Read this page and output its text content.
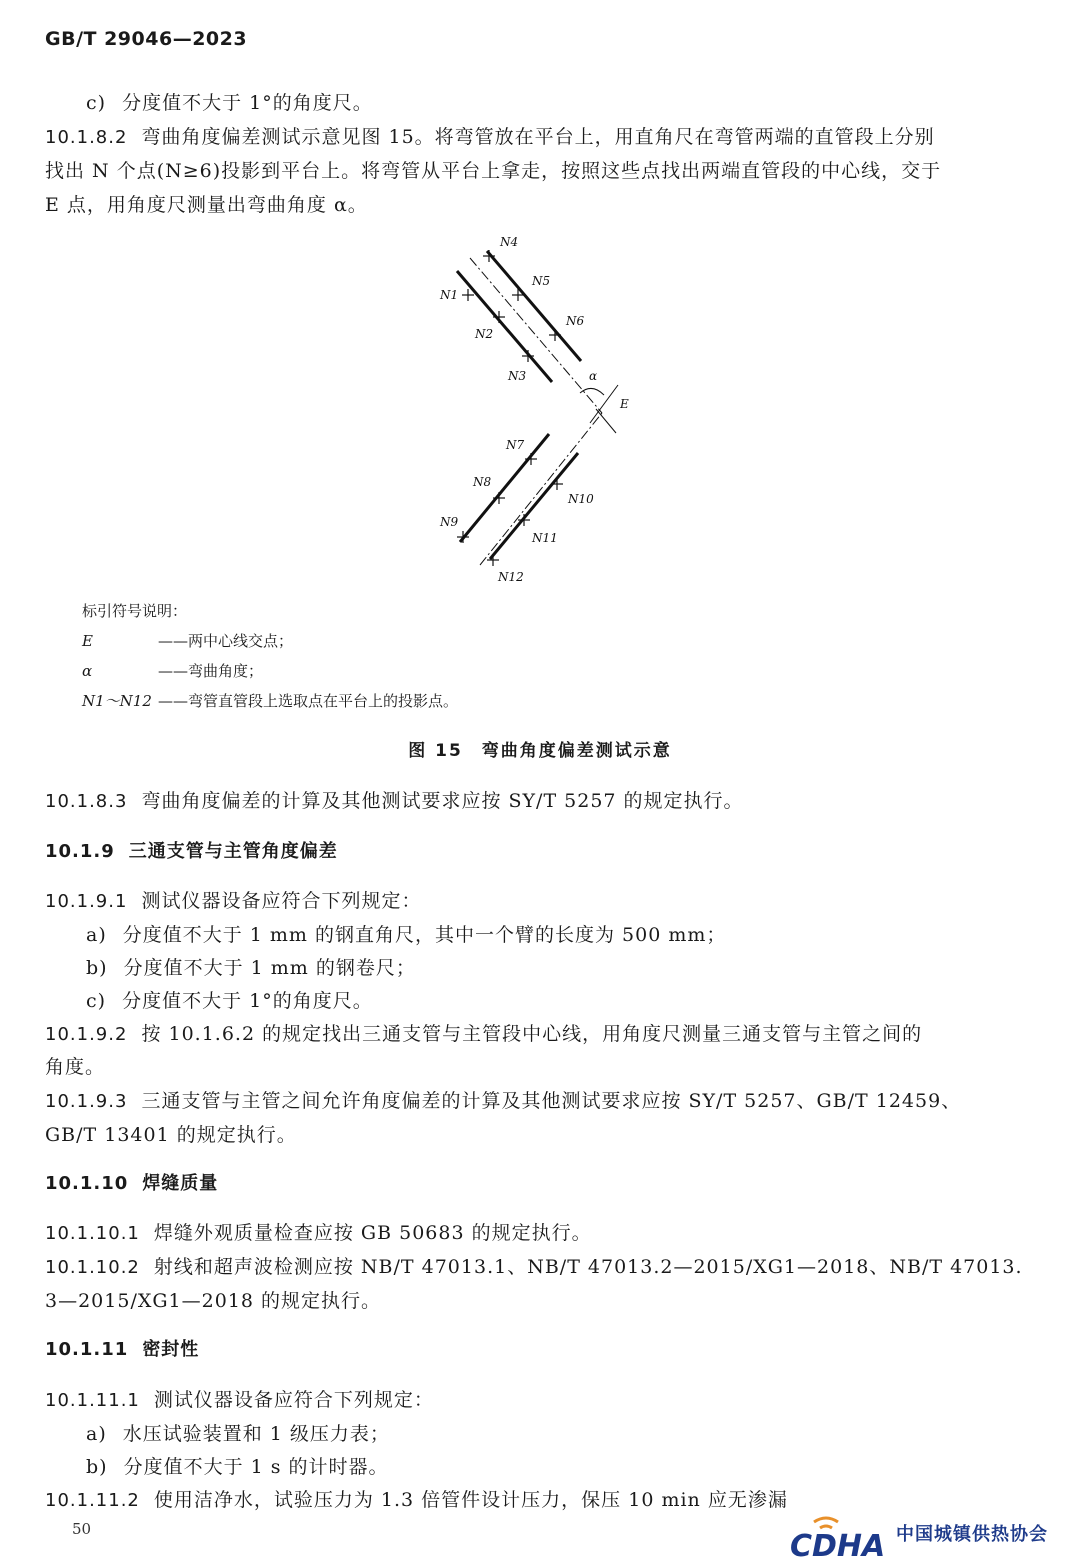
GB/T 29046—2023
c) 分度值不大于 1°的角度尺。
10.1.8.2 弯曲角度偏差测试示意见图 15。将弯管放在平台上，用直角尺在弯管两端的直管段上分别
找出 N 个点(N≥6)投影到平台上。将弯管从平台上拿走，按照这些点找出两端直管段的中心线，交于
E 点，用角度尺测量出弯曲角度 α。
N1
N2
N3
N4
N5
N6
N7
N8
N9
N10
N11
N12
α
E
标引符号说明：
E	——两中心线交点；
α	——弯曲角度；
N1～N12 ——弯管直管段上选取点在平台上的投影点。
图 15　弯曲角度偏差测试示意
10.1.8.3 弯曲角度偏差的计算及其他测试要求应按 SY/T 5257 的规定执行。
10.1.9 三通支管与主管角度偏差
10.1.9.1 测试仪器设备应符合下列规定：
a) 分度值不大于 1 mm 的钢直角尺，其中一个臂的长度为 500 mm；
b) 分度值不大于 1 mm 的钢卷尺；
c) 分度值不大于 1°的角度尺。
10.1.9.2 按 10.1.6.2 的规定找出三通支管与主管段中心线，用角度尺测量三通支管与主管之间的
角度。
10.1.9.3 三通支管与主管之间允许角度偏差的计算及其他测试要求应按 SY/T 5257、GB/T 12459、
GB/T 13401 的规定执行。
10.1.10 焊缝质量
10.1.10.1 焊缝外观质量检查应按 GB 50683 的规定执行。
10.1.10.2 射线和超声波检测应按 NB/T 47013.1、NB/T 47013.2—2015/XG1—2018、NB/T 47013.
3—2015/XG1—2018 的规定执行。
10.1.11 密封性
10.1.11.1 测试仪器设备应符合下列规定：
a) 水压试验装置和 1 级压力表；
b) 分度值不大于 1 s 的计时器。
10.1.11.2 使用洁净水，试验压力为 1.3 倍管件设计压力，保压 10 min 应无渗漏
50	CDHA 中国城镇供热协会
